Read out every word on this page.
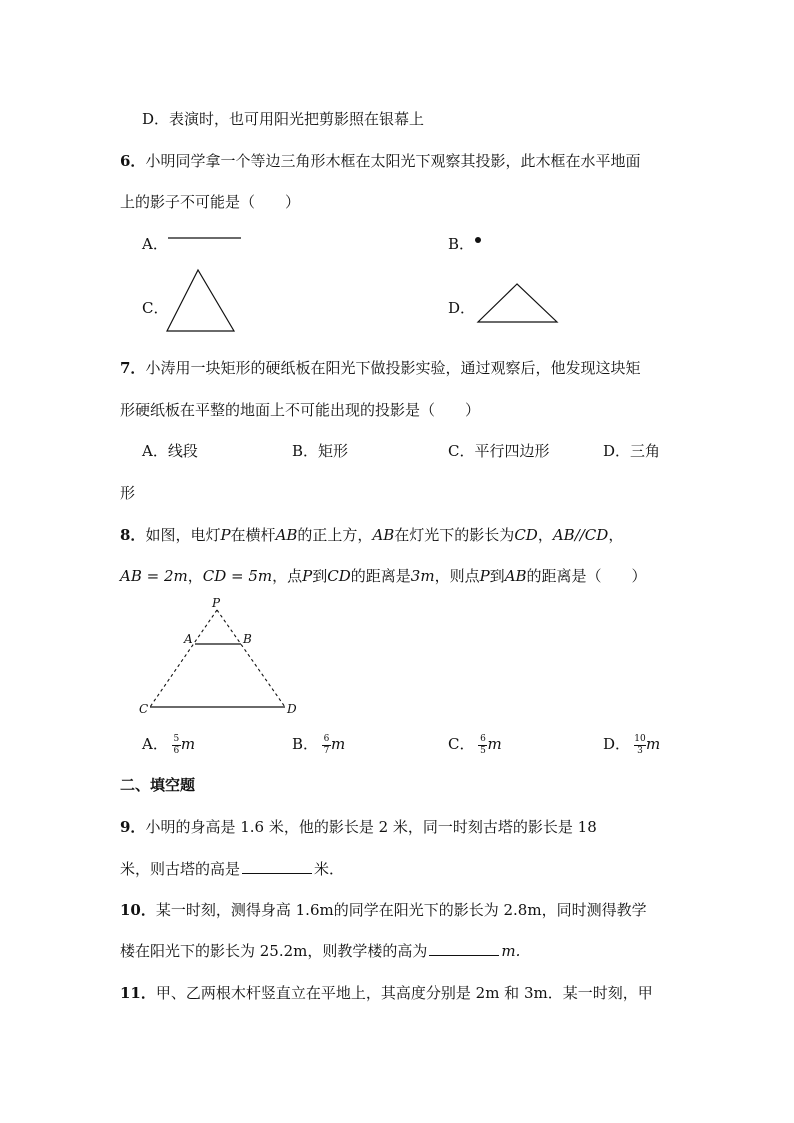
D．表演时，也可用阳光把剪影照在银幕上
6．小明同学拿一个等边三角形木框在太阳光下观察其投影，此木框在水平地面
上的影子不可能是（　　）
A．	B．
C．	D．
7．小涛用一块矩形的硬纸板在阳光下做投影实验，通过观察后，他发现这块矩
形硬纸板在平整的地面上不可能出现的投影是（　　）
A．线段	B．矩形	C．平行四边形	D．三角
形
8．如图，电灯P在横杆AB的正上方，AB在灯光下的影长为CD，AB//CD，
AB = 2m，CD = 5m，点P到CD的距离是3m，则点P到AB的距离是（　　）
P
A	B
C	D
A． $\frac{5}{6}$ m	B． $\frac{6}{7}$ m	C． $\frac{6}{5}$ m	D． $\frac{10}{3}$ m
二、填空题
9．小明的身高是 1.6 米，他的影长是 2 米，同一时刻古塔的影长是 18
米，则古塔的高是	米．
10．某一时刻，测得身高 1.6m的同学在阳光下的影长为 2.8m，同时测得教学
楼在阳光下的影长为 25.2m，则教学楼的高为	m.
11．甲、乙两根木杆竖直立在平地上，其高度分别是 2m 和 3m．某一时刻，甲
